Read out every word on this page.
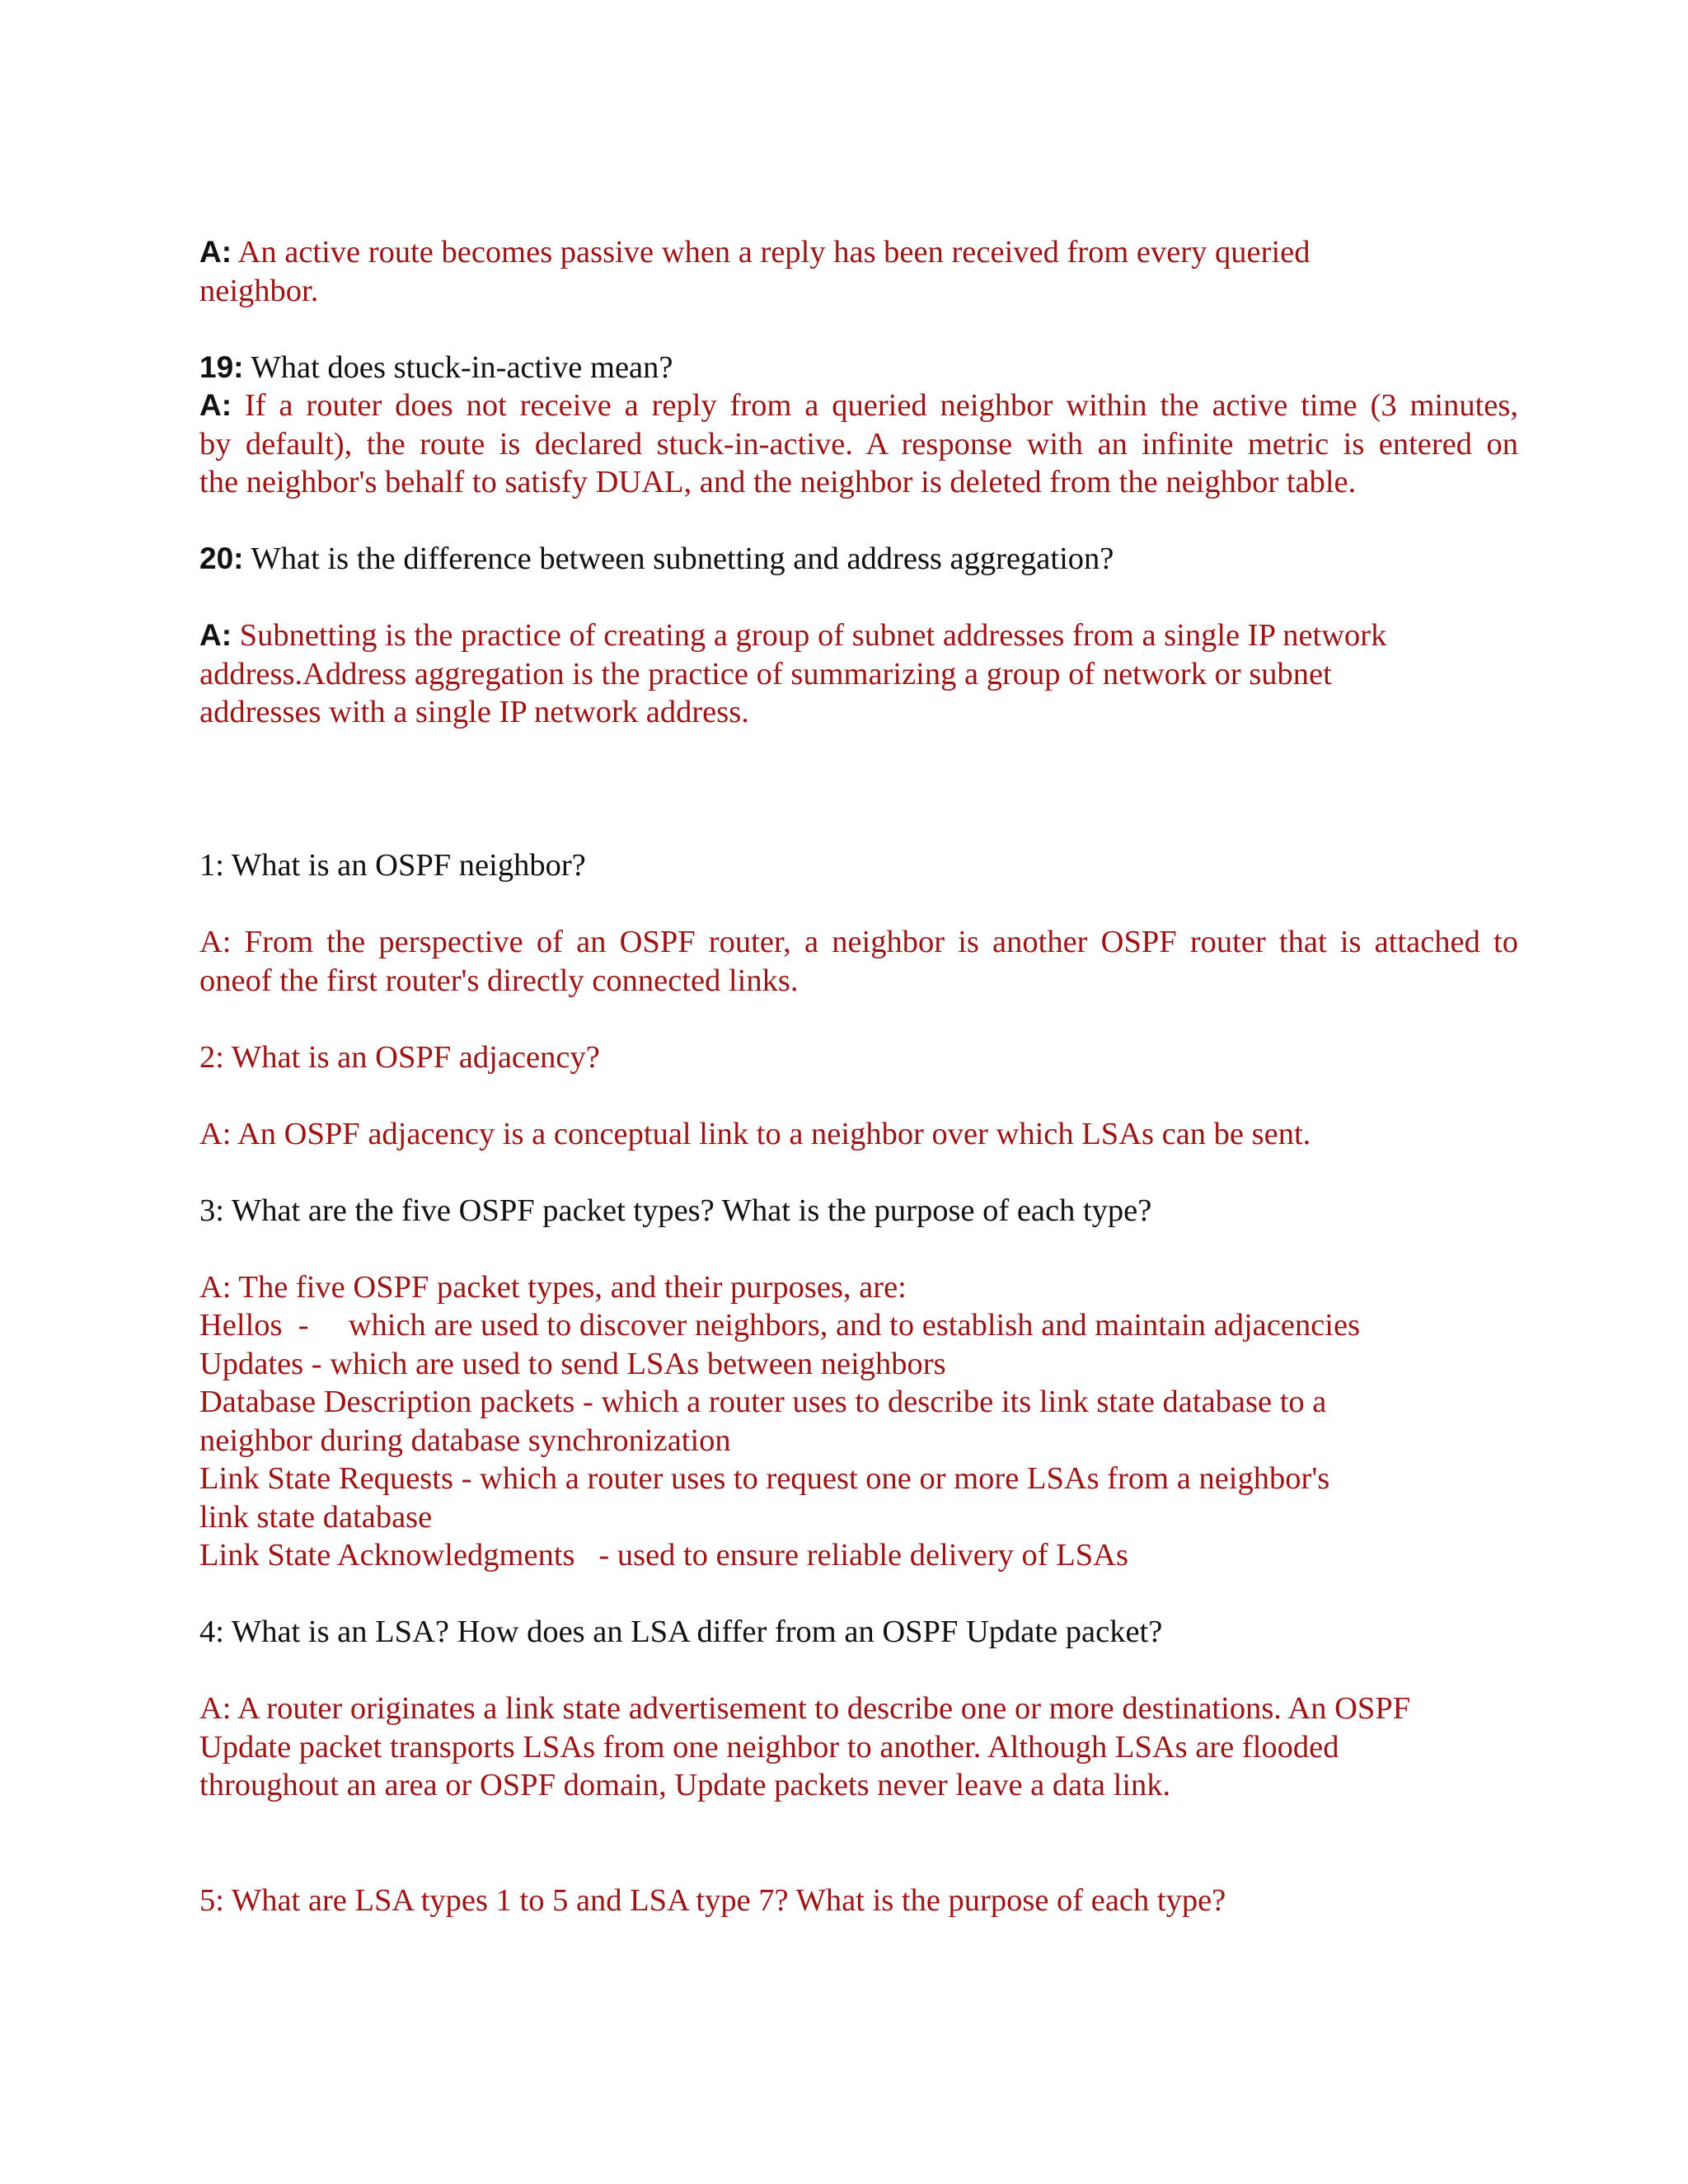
A: An active route becomes passive when a reply has been received from every queried
neighbor.
19: What does stuck-in-active mean?
A: If a router does not receive a reply from a queried neighbor within the active time (3 minutes,
by default), the route is declared stuck-in-active. A response with an infinite metric is entered on
the neighbor's behalf to satisfy DUAL, and the neighbor is deleted from the neighbor table.
20: What is the difference between subnetting and address aggregation?
A: Subnetting is the practice of creating a group of subnet addresses from a single IP network
address.Address aggregation is the practice of summarizing a group of network or subnet
addresses with a single IP network address.
1: What is an OSPF neighbor?
A: From the perspective of an OSPF router, a neighbor is another OSPF router that is attached to
oneof the first router's directly connected links.
2: What is an OSPF adjacency?
A: An OSPF adjacency is a conceptual link to a neighbor over which LSAs can be sent.
3: What are the five OSPF packet types? What is the purpose of each type?
A: The five OSPF packet types, and their purposes, are:
Hellos  -     which are used to discover neighbors, and to establish and maintain adjacencies
Updates - which are used to send LSAs between neighbors
Database Description packets - which a router uses to describe its link state database to a
neighbor during database synchronization
Link State Requests - which a router uses to request one or more LSAs from a neighbor's
link state database
Link State Acknowledgments   - used to ensure reliable delivery of LSAs
4: What is an LSA? How does an LSA differ from an OSPF Update packet?
A: A router originates a link state advertisement to describe one or more destinations. An OSPF
Update packet transports LSAs from one neighbor to another. Although LSAs are flooded
throughout an area or OSPF domain, Update packets never leave a data link.
5: What are LSA types 1 to 5 and LSA type 7? What is the purpose of each type?
